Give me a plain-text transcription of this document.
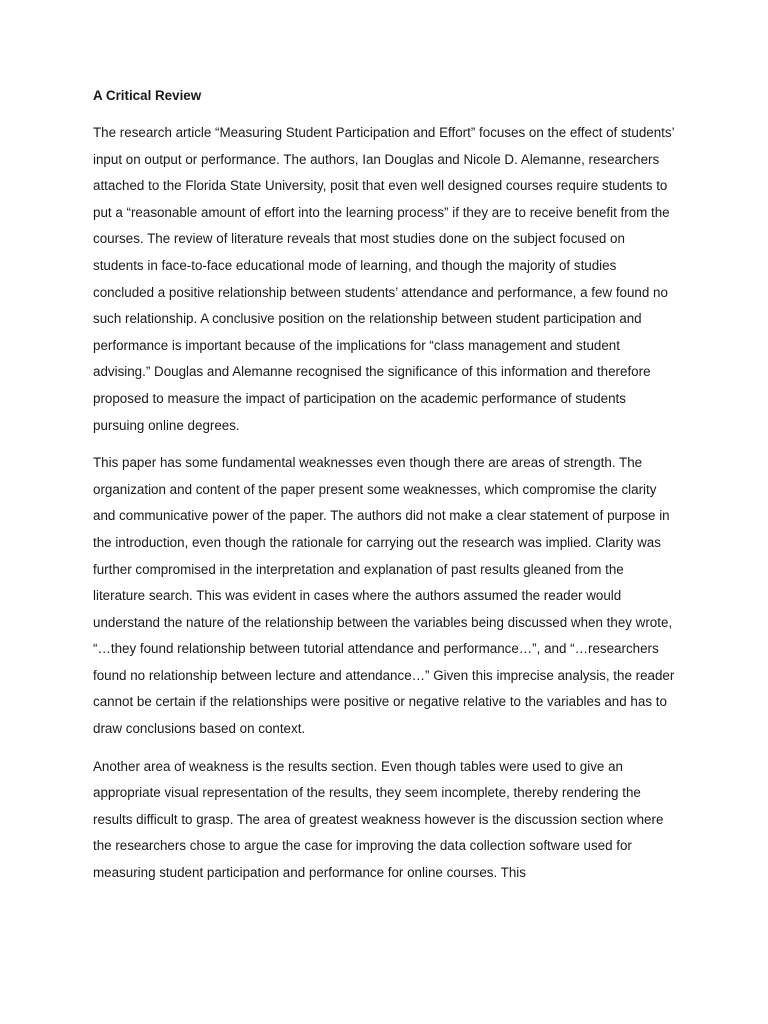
A Critical Review

The research article “Measuring Student Participation and Effort” focuses on the effect of students’ input on output or performance. The authors, Ian Douglas and Nicole D. Alemanne, researchers attached to the Florida State University, posit that even well designed courses require students to put a “reasonable amount of effort into the learning process” if they are to receive benefit from the courses. The review of literature reveals that most studies done on the subject focused on students in face-to-face educational mode of learning, and though the majority of studies concluded a positive relationship between students’ attendance and performance, a few found no such relationship. A conclusive position on the relationship between student participation and performance is important because of the implications for “class management and student advising.” Douglas and Alemanne recognised the significance of this information and therefore proposed to measure the impact of participation on the academic performance of students pursuing online degrees.

This paper has some fundamental weaknesses even though there are areas of strength. The organization and content of the paper present some weaknesses, which compromise the clarity and communicative power of the paper. The authors did not make a clear statement of purpose in the introduction, even though the rationale for carrying out the research was implied. Clarity was further compromised in the interpretation and explanation of past results gleaned from the literature search. This was evident in cases where the authors assumed the reader would understand the nature of the relationship between the variables being discussed when they wrote, “…they found relationship between tutorial attendance and performance…”, and “…researchers found no relationship between lecture and attendance…” Given this imprecise analysis, the reader cannot be certain if the relationships were positive or negative relative to the variables and has to draw conclusions based on context.

Another area of weakness is the results section. Even though tables were used to give an appropriate visual representation of the results, they seem incomplete, thereby rendering the results difficult to grasp. The area of greatest weakness however is the discussion section where the researchers chose to argue the case for improving the data collection software used for measuring student participation and performance for online courses. This
